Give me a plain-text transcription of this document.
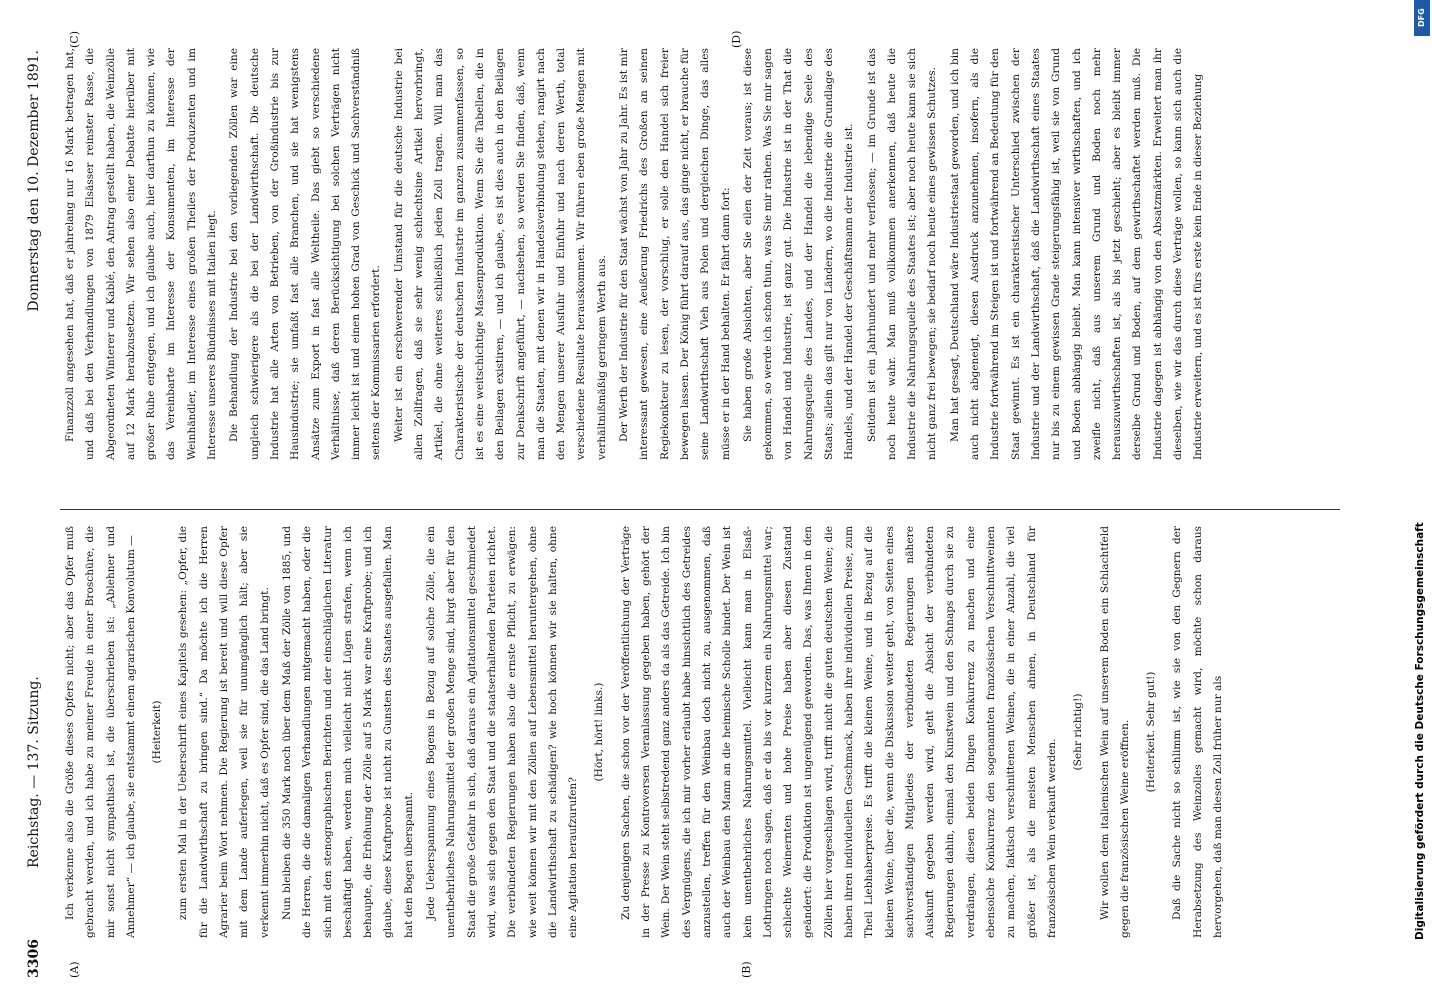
3306
Reichstag. — 137. Sitzung.
Donnerstag den 10. Dezember 1891.
(A)	(B)
(C)	(D)

Ich verkenne also die Größe dieses Opfers nicht; aber das Opfer muß gebracht werden, und ich habe zu meiner Freude in einer Broschüre, die mir sonst nicht sympathisch ist, die überschrieben ist: „Ablehner und Annehmer“ — ich glaube, sie entstammt einem agrarischen Konvolutum —	(Heiterkeit)	zum ersten Mal in der Ueberschrift eines Kapitels gesehen: „Opfer, die für die Landwirthschaft zu bringen sind.“ Da möchte ich die Herren Agrarier beim Wort nehmen. Die Regierung ist bereit und will diese Opfer mit dem Lande auferlegen, weil sie für unumgänglich hält; aber sie verkennt immerhin nicht, daß es Opfer sind, die das Land bringt. Nun bleiben die 350 Mark noch über dem Maß der Zölle von 1885, und die Herren, die die damaligen Verhandlungen mitgemacht haben, oder die sich mit den stenographischen Berichten und der einschläglichen Literatur beschäftigt haben, werden mich vielleicht nicht Lügen strafen, wenn ich behaupte, die Erhöhung der Zölle auf 5 Mark war eine Kraftprobe; und ich glaube, diese Kraftprobe ist nicht zu Gunsten des Staates ausgefallen. Man hat den Bogen überspannt. Jede Ueberspannung eines Bogens in Bezug auf solche Zölle, die ein unentbehrliches Nahrungsmittel der großen Menge sind, birgt aber für den Staat die große Gefahr in sich, daß daraus ein Agitationsmittel geschmiedet wird, was sich gegen den Staat und die staatserhaltenden Parteien richtet. Die verbündeten Regierungen haben also die ernste Pflicht, zu erwägen: wie weit können wir mit den Zöllen auf Lebensmittel heruntergehen, ohne die Landwirthschaft zu schädigen? wie hoch können wir sie halten, ohne eine Agitation heraufzurufen?

(Hört, hört! links.)	Zu denjenigen Sachen, die schon vor der Veröffentlichung der Verträge in der Presse zu Kontroversen Veranlassung gegeben haben, gehört der Wein. Der Wein steht selbstredend ganz anders da als das Getreide. Ich bin des Vergnügens, die ich mir vorher erlaubt habe hinsichtlich des Getreides anzustellen, treffen für den Weinbau doch nicht zu, ausgenommen, daß auch der Weinbau den Mann an die heimische Scholle bindet. Der Wein ist kein unentbehrliches Nahrungsmittel. Vielleicht kann man in Elsaß-Lothringen noch sagen, daß er da bis vor kurzem ein Nahrungsmittel war; schlechte Weinernten und hohe Preise haben aber diesen Zustand geändert: die Produktion ist ungenügend geworden. Das, was Ihnen in den Zöllen hier vorgeschlagen wird, trifft nicht die guten deutschen Weine; die haben ihren individuellen Geschmack, haben ihre individuellen Preise, zum Theil Liebhaberpreise. Es trifft die kleinen Weine, und in Bezug auf die kleinen Weine, über die, wenn die Diskussion weiter geht, von Seiten eines sachverständigen Mitgliedes der verbündeten Regierungen nähere Auskunft gegeben werden wird, geht die Absicht der verbündeten Regierungen dahin, einmal den Kunstwein und den Schnaps durch sie zu verdrängen, diesen beiden Dingen Konkurrenz zu machen und eine ebensolche Konkurrenz den sogenannten französischen Verschnittweinen zu machen, faktisch verschnittenen Weinen, die in einer Anzahl, die viel größer ist, als die meisten Menschen ahnen, in Deutschland für französischen Wein verkauft werden.

(Sehr richtig!)	Wir wollen dem italienischen Wein auf unserem Boden ein Schlachtfeld gegen die französischen Weine eröffnen.	(Heiterkeit. Sehr gut!)	Daß die Sache nicht so schlimm ist, wie sie von den Gegnern der Herabsetzung des Weinzolles gemacht wird, möchte schon daraus hervorgehen, daß man diesen Zoll früher nur als

Finanzzoll angesehen hat, daß er jahrelang nur 16 Mark betragen hat, und daß bei den Verhandlungen von 1879 Elsässer reinster Rasse, die Abgeordneten Winterer und Kablé, den Antrag gestellt haben, die Weinzölle auf 12 Mark herabzusetzen. Wir sehen also einer Debatte hierüber mit großer Ruhe entgegen, und ich glaube auch, hier darthun zu können, wie das Vereinbarte im Interesse der Konsumenten, im Interesse der Weinhändler, im Interesse eines großen Theiles der Produzenten und im Interesse unseres Bündnisses mit Italien liegt. Die Behandlung der Industrie bei den vorliegenden Zöllen war eine ungleich schwierigere als die bei der Landwirthschaft. Die deutsche Industrie hat alle Arten von Betrieben, von der Großindustrie bis zur Hausindustrie; sie umfaßt fast alle Branchen, und sie hat wenigstens Ansätze zum Export in fast alle Weltheile. Das giebt so verschiedene Verhältnisse, daß deren Berücksichtigung bei solchen Verträgen nicht immer leicht ist und einen hohen Grad von Geschick und Sachverständniß seitens der Kommissarien erfordert. Weiter ist ein erschwerender Umstand für die deutsche Industrie bei allen Zollfragen, daß sie sehr wenig schlechtsine Artikel hervorbringt, Artikel, die ohne weiteres schließlich jeden Zoll tragen. Will man das Charakteristische der deutschen Industrie im ganzen zusammenfassen, so ist es eine weitschichtige Massenproduktion. Wenn Sie die Tabellen, die in den Beilagen existiren, — und ich glaube, es ist dies auch in den Beilagen zur Denkschrift angeführt, — nachsehen, so werden Sie finden, daß, wenn man die Staaten, mit denen wir in Handelsverbindung stehen, rangirt nach den Mengen unserer Ausfuhr und Einfuhr und nach deren Werth, total verschiedene Resultate herauskommen. Wir führen eben große Mengen mit verhältnißmäßig geringem Werth aus. Der Werth der Industrie für den Staat wächst von Jahr zu Jahr. Es ist mir interessant gewesen, eine Aeußerung Friedrichs des Großen an seinen Regiekonkteur zu lesen, der vorschlug, er solle den Handel sich freier bewegen lassen. Der König führt darauf aus, das ginge nicht, er brauche für seine Landwirthschaft Vieh aus Polen und dergleichen Dinge, das alles müsse er in der Hand behalten. Er fährt dann fort: Sie haben große Absichten, aber Sie eilen der Zeit voraus; ist diese gekommen, so werde ich schon thun, was Sie mir rathen. Was Sie mir sagen von Handel und Industrie, ist ganz gut. Die Industrie ist in der That die Nahrungsquelle des Landes, und der Handel die lebendige Seele des Staats; allein das gilt nur von Ländern, wo die Industrie die Grundlage des Handels, und der Handel der Geschäftsmann der Industrie ist. Seitdem ist ein Jahrhundert und mehr verflossen; — im Grunde ist das noch heute wahr. Man muß vollkommen anerkennen, daß heute die Industrie die Nahrungsquelle des Staates ist; aber noch heute kann sie sich nicht ganz frei bewegen; sie bedarf noch heute eines gewissen Schutzes. Man hat gesagt, Deutschland wäre Industriestaat geworden, und ich bin auch nicht abgeneigt, diesen Ausdruck anzunehmen, insofern, als die Industrie fortwährend im Steigen ist und fortwährend an Bedeutung für den Staat gewinnt. Es ist ein charakteristischer Unterschied zwischen der Industrie und der Landwirthschaft, daß die Landwirthschaft eines Staates nur bis zu einem gewissen Grade steigerungsfähig ist, weil sie von Grund und Boden abhängig bleibt. Man kann intensiver wirthschaften, und ich zweifle nicht, daß aus unserem Grund und Boden noch mehr herauszuwirthschaften ist, als bis jetzt geschieht; aber es bleibt immer derselbe Grund und Boden, auf dem gewirthschaftet werden muß. Die Industrie dagegen ist abhängig von den Absatzmärkten. Erweitert man ihr dieselben, wie wir das durch diese Verträge wollen, so kann sich auch die Industrie erweitern, und es ist fürs erste kein Ende in dieser Beziehung

Digitalisierung gefördert durch die Deutsche Forschungsgemeinschaft
DFG
